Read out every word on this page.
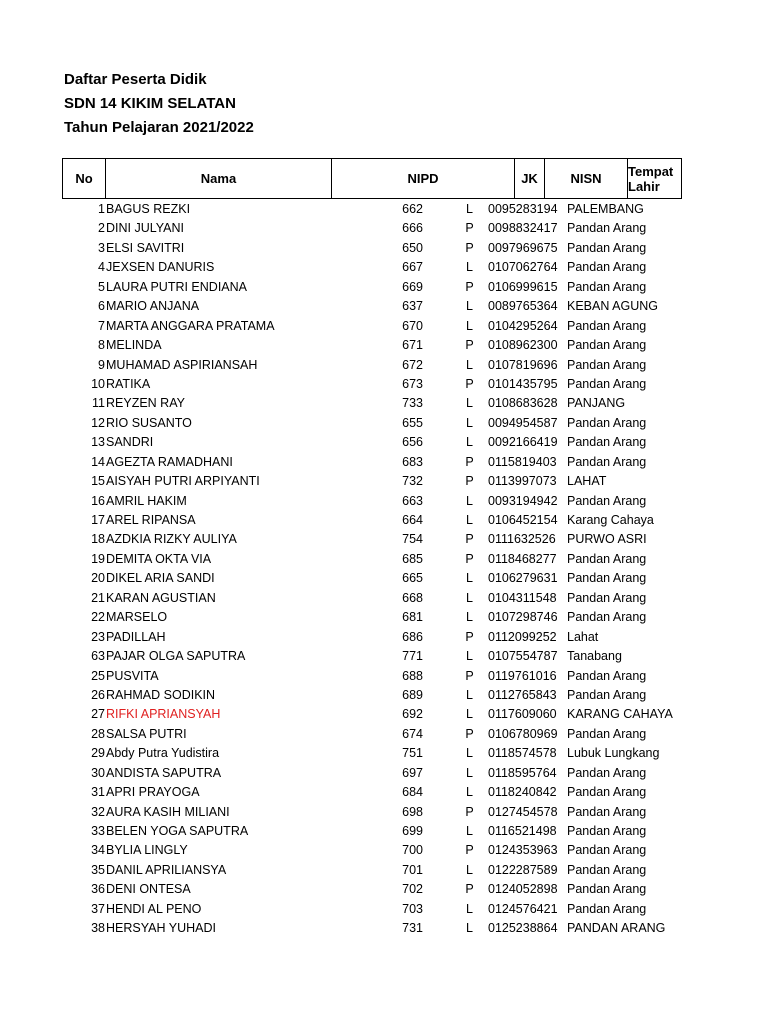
Daftar Peserta Didik
SDN 14 KIKIM SELATAN
Tahun Pelajaran 2021/2022
No	Nama	NIPD	JK	NISN	Tempat Lahir
1 BAGUS REZKI	662	L	0095283194 PALEMBANG
2 DINI JULYANI	666	P 0098832417 Pandan Arang
3 ELSI SAVITRI	650	P 0097969675 Pandan Arang
4 JEXSEN DANURIS	667	L	0107062764 Pandan Arang
5 LAURA PUTRI ENDIANA	669	P 0106999615 Pandan Arang
6 MARIO ANJANA	637	L	0089765364 KEBAN AGUNG
7 MARTA ANGGARA PRATAMA	670	L	0104295264 Pandan Arang
8 MELINDA	671	P 0108962300 Pandan Arang
9 MUHAMAD ASPIRIANSAH	672	L	0107819696 Pandan Arang
10 RATIKA	673	P 0101435795 Pandan Arang
11 REYZEN RAY	733	L	0108683628 PANJANG
12 RIO SUSANTO	655	L	0094954587 Pandan Arang
13 SANDRI	656	L	0092166419 Pandan Arang
14 AGEZTA RAMADHANI	683	P 0115819403 Pandan Arang
15 AISYAH PUTRI ARPIYANTI	732	P 0113997073 LAHAT
16 AMRIL HAKIM	663	L	0093194942 Pandan Arang
17 AREL RIPANSA	664	L	0106452154 Karang Cahaya
18 AZDKIA RIZKY AULIYA	754	P 0111632526 PURWO ASRI
19 DEMITA OKTA VIA	685	P 0118468277 Pandan Arang
20 DIKEL ARIA SANDI	665	L	0106279631 Pandan Arang
21 KARAN AGUSTIAN	668	L	0104311548 Pandan Arang
22 MARSELO	681	L	0107298746 Pandan Arang
23 PADILLAH	686	P 0112099252 Lahat
63 PAJAR OLGA SAPUTRA	771	L	0107554787 Tanabang
25 PUSVITA	688	P 0119761016 Pandan Arang
26 RAHMAD SODIKIN	689	L	0112765843 Pandan Arang
27 RIFKI APRIANSYAH	692	L	0117609060 KARANG CAHAYA
28 SALSA PUTRI	674	P 0106780969 Pandan Arang
29 Abdy Putra Yudistira	751	L	0118574578 Lubuk Lungkang
30 ANDISTA SAPUTRA	697	L	0118595764 Pandan Arang
31 APRI PRAYOGA	684	L	0118240842 Pandan Arang
32 AURA KASIH MILIANI	698	P 0127454578 Pandan Arang
33 BELEN YOGA SAPUTRA	699	L	0116521498 Pandan Arang
34 BYLIA LINGLY	700	P 0124353963 Pandan Arang
35 DANIL APRILIANSYA	701	L	0122287589 Pandan Arang
36 DENI ONTESA	702	P 0124052898 Pandan Arang
37 HENDI AL PENO	703	L	0124576421 Pandan Arang
38 HERSYAH YUHADI	731	L	0125238864 PANDAN ARANG
